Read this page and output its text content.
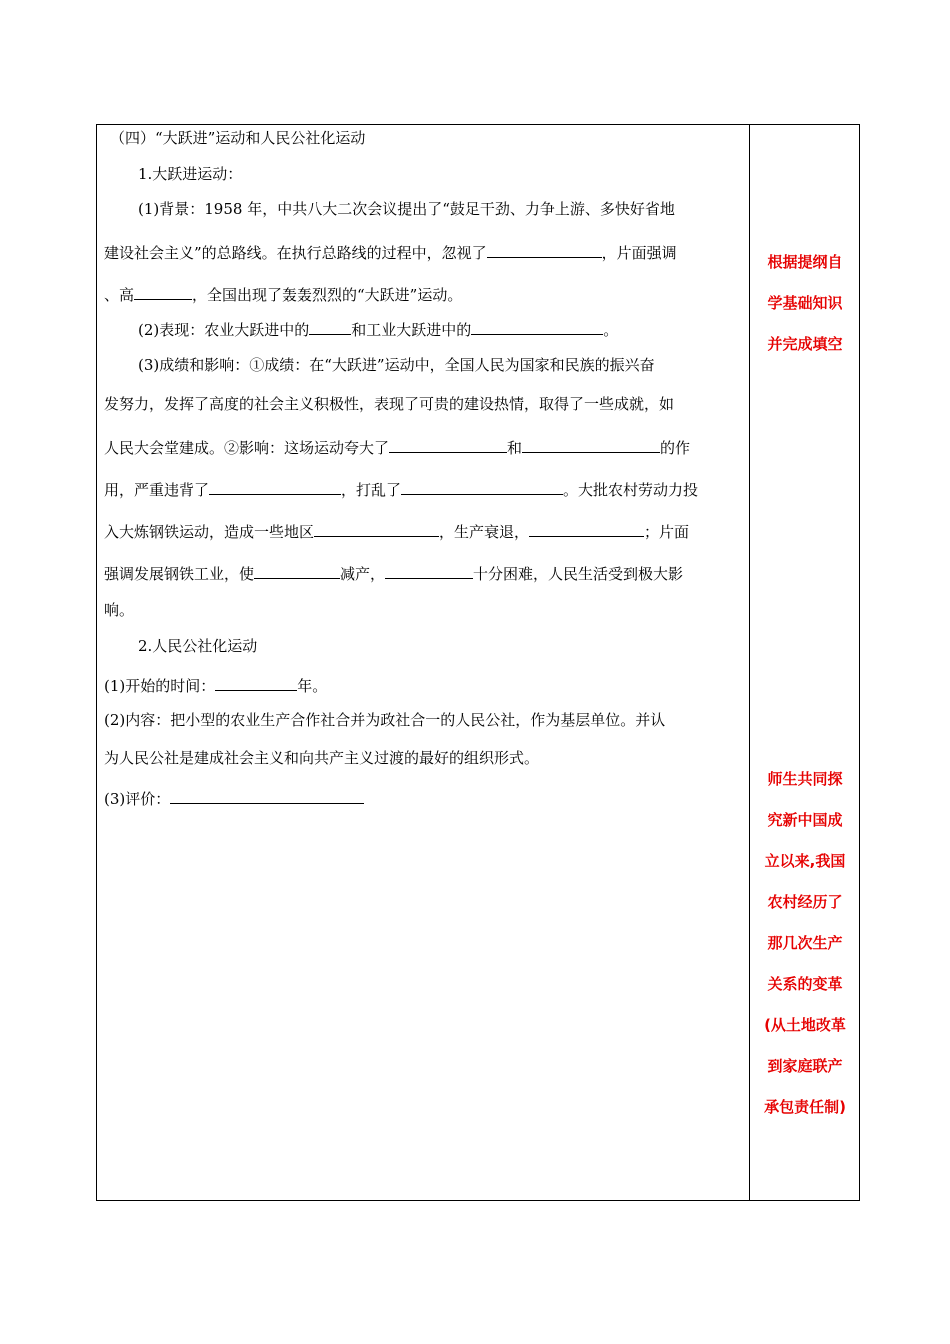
（四）“大跃进”运动和人民公社化运动
1.大跃进运动：
(1)背景：1958 年，中共八大二次会议提出了“鼓足干劲、力争上游、多快好省地
建设社会主义”的总路线。在执行总路线的过程中，忽视了	，片面强调
、高	，全国出现了轰轰烈烈的“大跃进”运动。
(2)表现：农业大跃进中的	和工业大跃进中的	。
(3)成绩和影响：①成绩：在“大跃进”运动中，全国人民为国家和民族的振兴奋
发努力，发挥了高度的社会主义积极性，表现了可贵的建设热情，取得了一些成就，如
人民大会堂建成。②影响：这场运动夸大了	和	的作
用，严重违背了	，打乱了	。大批农村劳动力投
入大炼钢铁运动，造成一些地区	，生产衰退，	；片面
强调发展钢铁工业，使	减产，	十分困难，人民生活受到极大影
响。
2.人民公社化运动
(1)开始的时间：	年。
(2)内容：把小型的农业生产合作社合并为政社合一的人民公社，作为基层单位。并认
为人民公社是建成社会主义和向共产主义过渡的最好的组织形式。
(3)评价：
根据提纲自
学基础知识
并完成填空
师生共同探
究新中国成
立以来,我国
农村经历了
那几次生产
关系的变革
(从土地改革
到家庭联产
承包责任制)
